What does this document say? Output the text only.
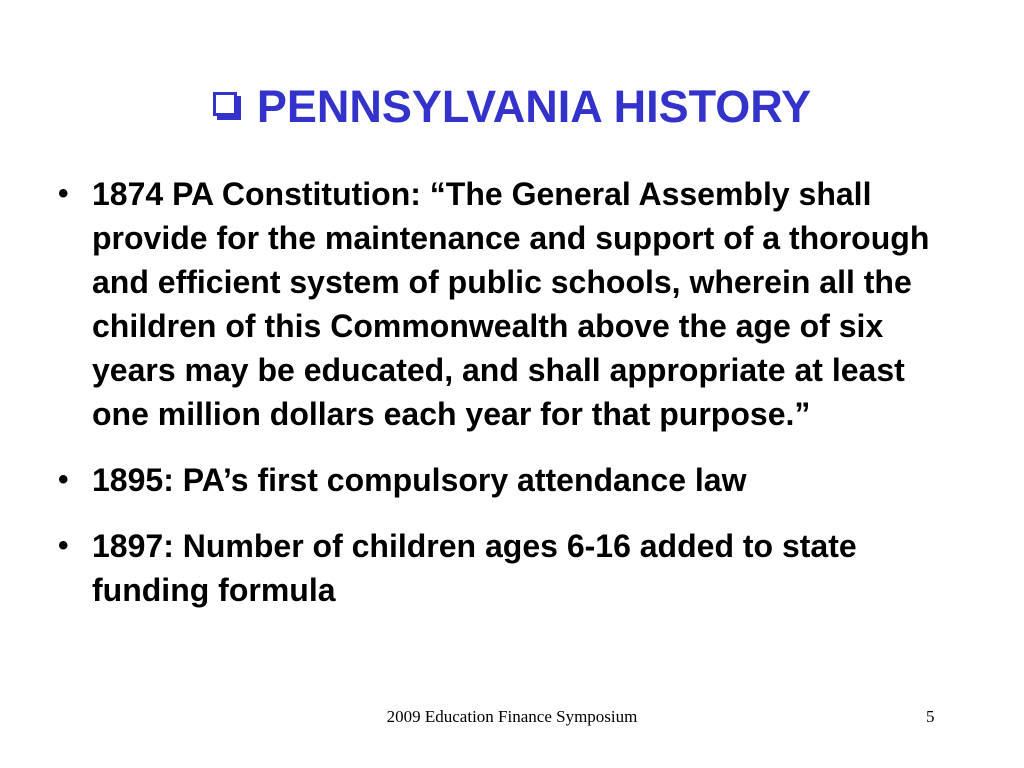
PENNSYLVANIA HISTORY
• 1874 PA Constitution: “The General Assembly shall provide for the maintenance and support of a thorough and efficient system of public schools, wherein all the children of this Commonwealth above the age of six years may be educated, and shall appropriate at least one million dollars each year for that purpose.”
• 1895: PA’s first compulsory attendance law
• 1897: Number of children ages 6-16 added to state funding formula
2009 Education Finance Symposium	5
